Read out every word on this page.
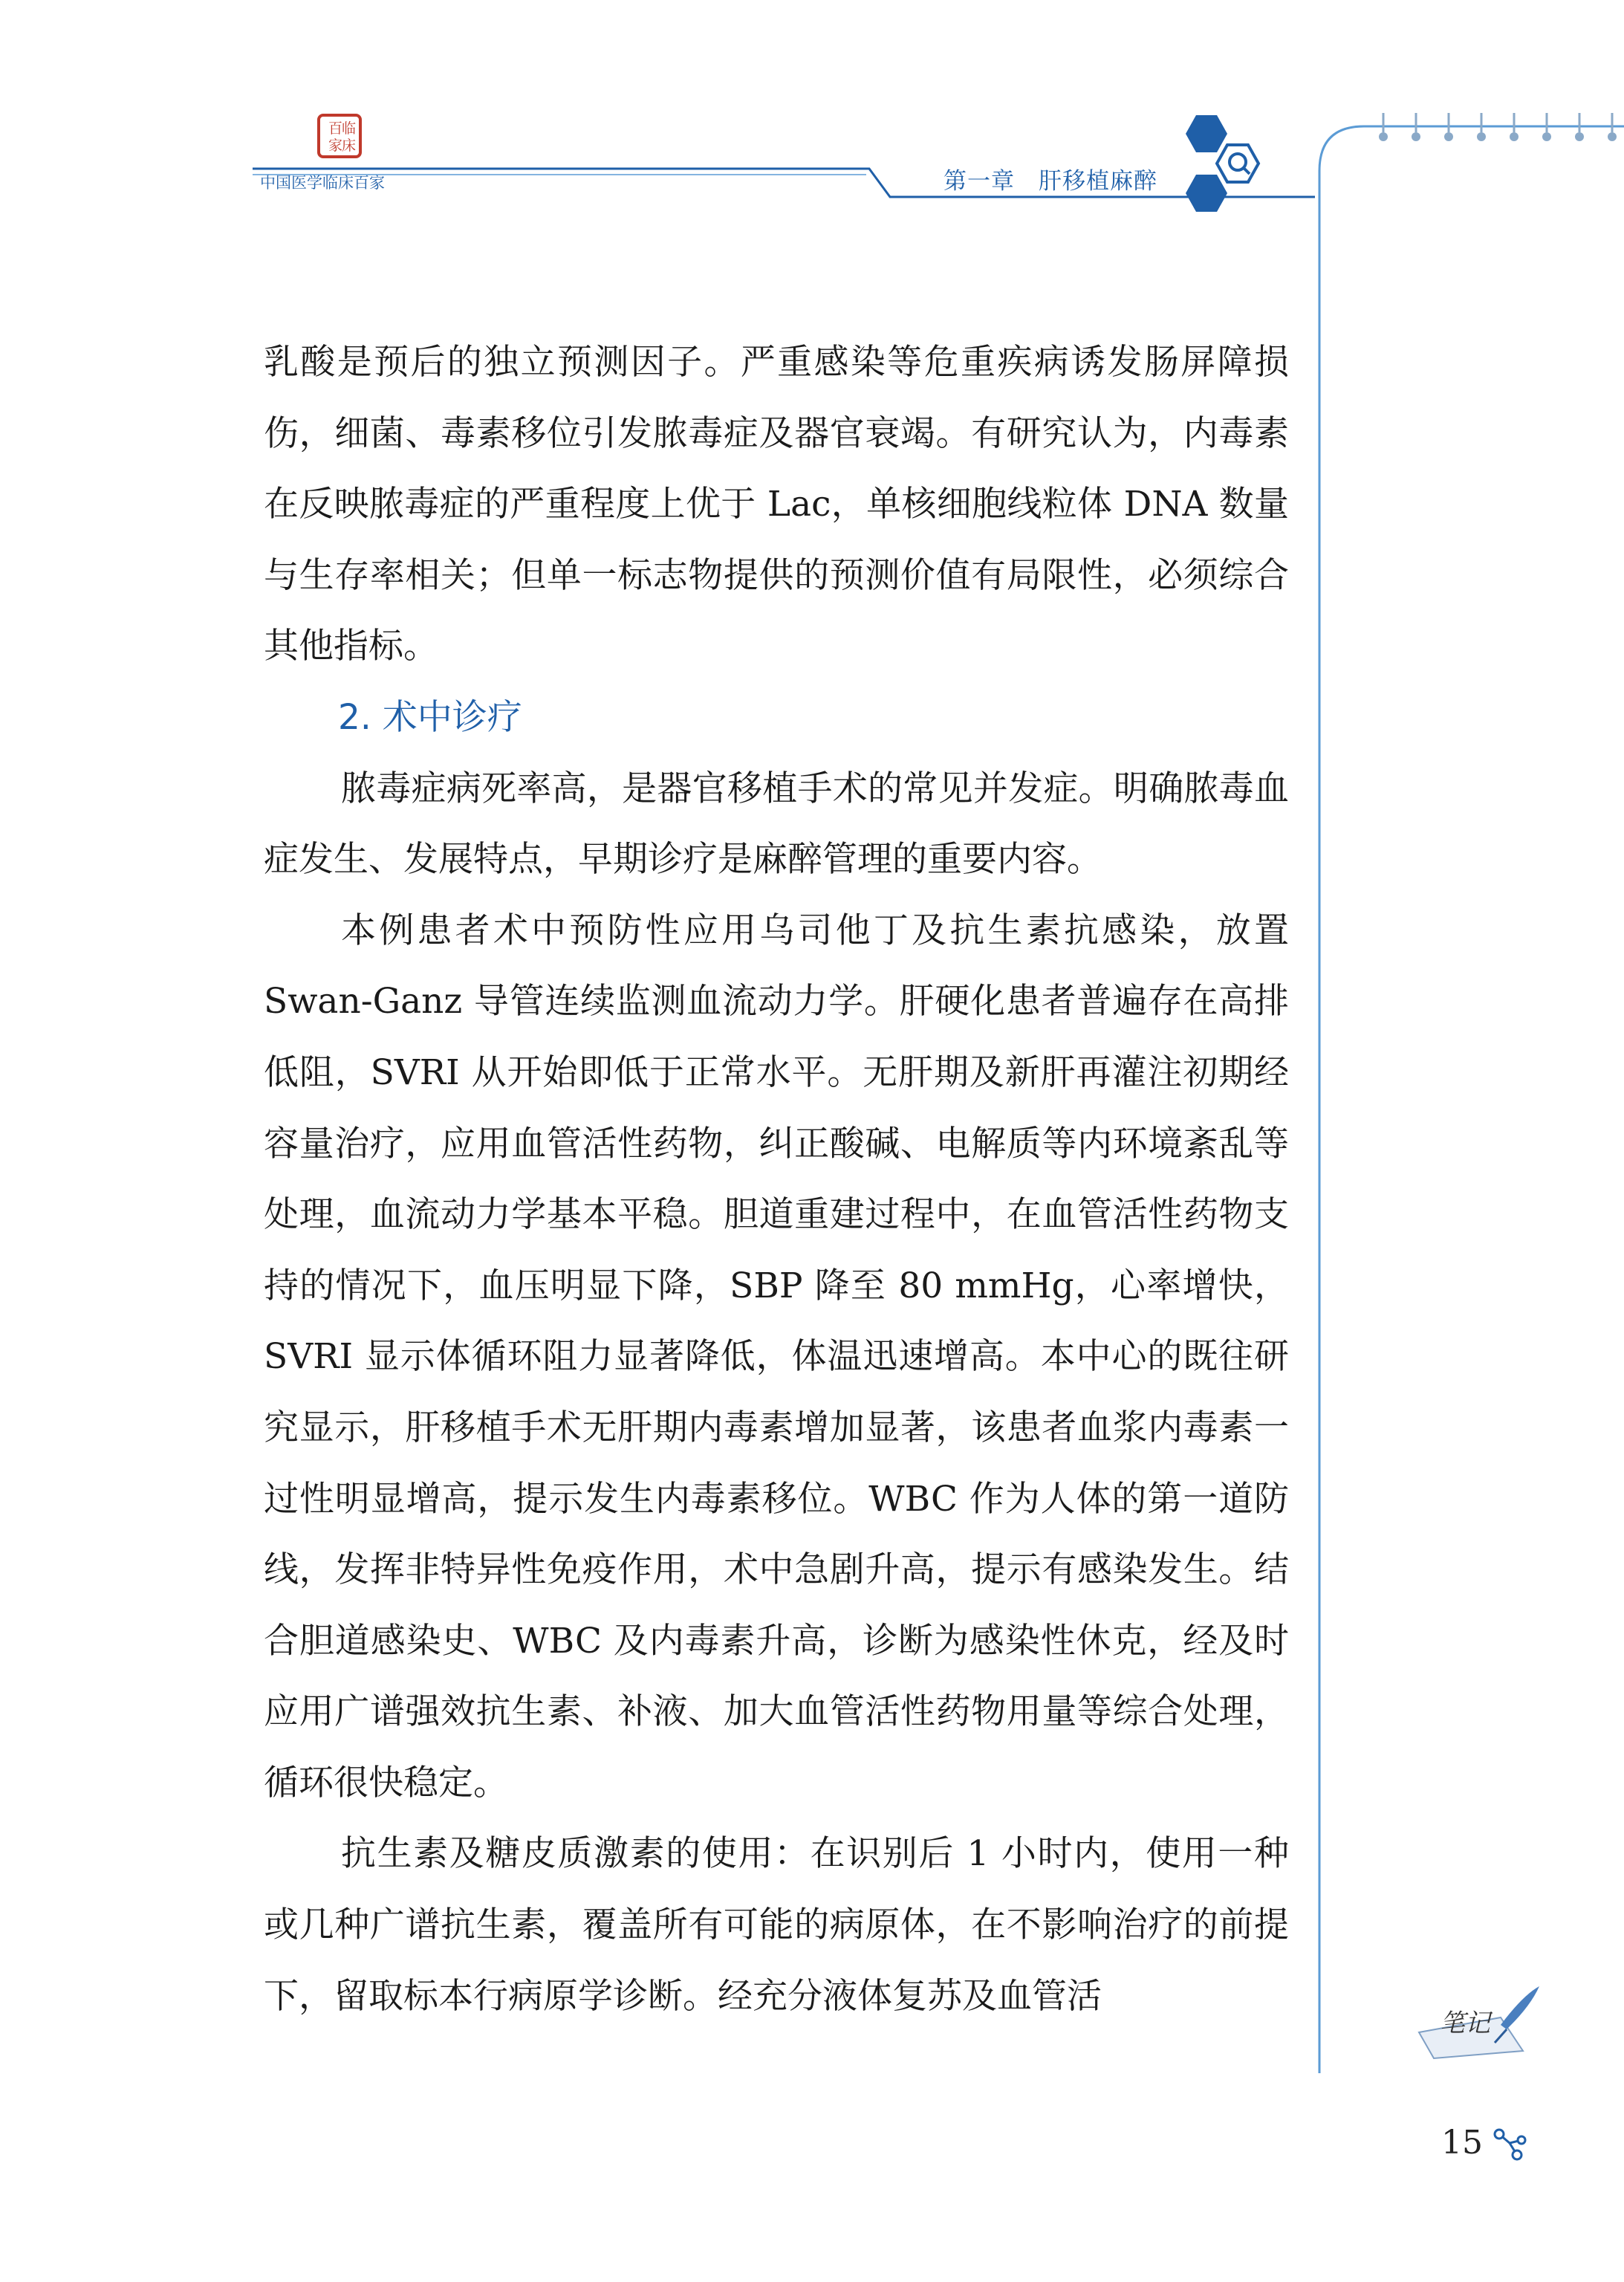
百
临
家
床
中国医学临床百家	第一章　肝移植麻醉

乳酸是预后的独立预测因子。严重感染等危重疾病诱发肠屏障损伤，细菌、毒素移位引发脓毒症及器官衰竭。有研究认为，内毒素在反映脓毒症的严重程度上优于 Lac，单核细胞线粒体 DNA 数量与生存率相关；但单一标志物提供的预测价值有局限性，必须综合其他指标。

2. 术中诊疗

脓毒症病死率高，是器官移植手术的常见并发症。明确脓毒血症发生、发展特点，早期诊疗是麻醉管理的重要内容。

本例患者术中预防性应用乌司他丁及抗生素抗感染，放置 Swan-Ganz 导管连续监测血流动力学。肝硬化患者普遍存在高排低阻，SVRI 从开始即低于正常水平。无肝期及新肝再灌注初期经容量治疗，应用血管活性药物，纠正酸碱、电解质等内环境紊乱等处理，血流动力学基本平稳。胆道重建过程中，在血管活性药物支持的情况下，血压明显下降，SBP 降至 80 mmHg，心率增快，SVRI 显示体循环阻力显著降低，体温迅速增高。本中心的既往研究显示，肝移植手术无肝期内毒素增加显著，该患者血浆内毒素一过性明显增高，提示发生内毒素移位。WBC 作为人体的第一道防线，发挥非特异性免疫作用，术中急剧升高，提示有感染发生。结合胆道感染史、WBC 及内毒素升高，诊断为感染性休克，经及时应用广谱强效抗生素、补液、加大血管活性药物用量等综合处理，循环很快稳定。

抗生素及糖皮质激素的使用：在识别后 1 小时内，使用一种或几种广谱抗生素，覆盖所有可能的病原体，在不影响治疗的前提下，留取标本行病原学诊断。经充分液体复苏及血管活

笔记
15
